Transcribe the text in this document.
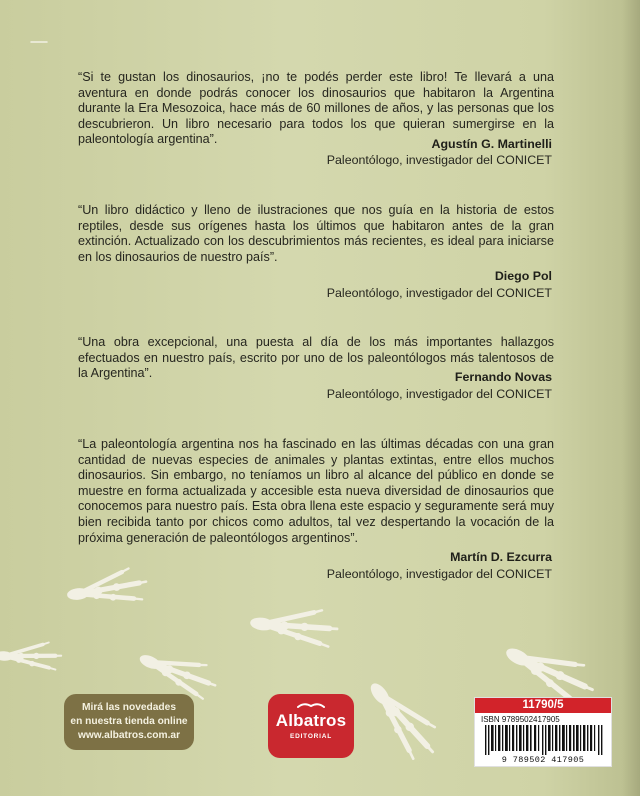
“Si te gustan los dinosaurios, ¡no te podés perder este libro! Te llevará a una aventura en donde podrás conocer los dinosaurios que habitaron la Argentina durante la Era Mesozoica, hace más de 60 millones de años, y las personas que los descubrieron. Un libro necesario para todos los que quieran sumergirse en la paleontología argentina”.	Agustín G. Martinelli
Paleontólogo, investigador del CONICET

“Un libro didáctico y lleno de ilustraciones que nos guía en la historia de estos reptiles, desde sus orígenes hasta los últimos que habitaron antes de la gran extinción. Actualizado con los descubrimientos más recientes, es ideal para iniciarse en los dinosaurios de nuestro país”.

Diego Pol
Paleontólogo, investigador del CONICET

“Una obra excepcional, una puesta al día de los más importantes hallazgos efectuados en nuestro país, escrito por uno de los paleontólogos más talentosos de la Argentina”.	Fernando Novas
Paleontólogo, investigador del CONICET

“La paleontología argentina nos ha fascinado en las últimas décadas con una gran cantidad de nuevas especies de animales y plantas extintas, entre ellos muchos dinosaurios. Sin embargo, no teníamos un libro al alcance del público en donde se muestre en forma actualizada y accesible esta nueva diversidad de dinosaurios que conocemos para nuestro país. Esta obra llena este espacio y seguramente será muy bien recibida tanto por chicos como adultos, tal vez despertando la vocación de la próxima generación de paleontólogos argentinos”.

Martín D. Ezcurra
Paleontólogo, investigador del CONICET
Mirá las novedades
en nuestra tienda online
www.albatros.com.ar
Albatros
EDITORIAL
11790/5
ISBN 9789502417905
9 789502 417905
